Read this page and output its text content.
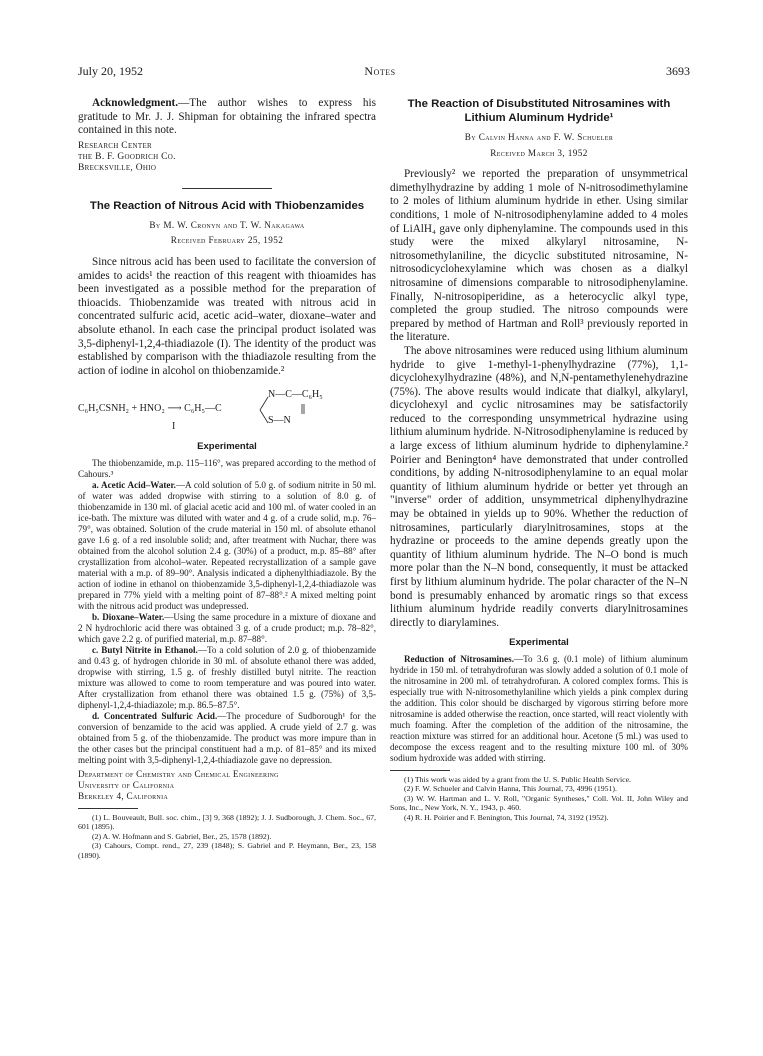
July 20, 1952	Notes	3693

Acknowledgment.—The author wishes to express his gratitude to Mr. J. J. Shipman for obtaining the infrared spectra contained in this note.

Research Center
the B. F. Goodrich Co.
Brecksville, Ohio
The Reaction of Nitrous Acid with Thiobenzamides
By M. W. Cronyn and T. W. Nakagawa
Received February 25, 1952

Since nitrous acid has been used to facilitate the conversion of amides to acids¹ the reaction of this reagent with thioamides has been investigated as a possible method for the preparation of thioacids. Thiobenzamide was treated with nitrous acid in concentrated sulfuric acid, acetic acid–water, dioxane–water and absolute ethanol. In each case the principal product isolated was 3,5-diphenyl-1,2,4-thiadiazole (I). The identity of the product was established by comparison with the thiadiazole resulting from the action of iodine in alcohol on thiobenzamide.²

C₆H₅CSNH₂ + HNO₂ ⟶ C₆H₅—C
N—C—C₆H₅
S—N
I
Experimental

The thiobenzamide, m.p. 115–116°, was prepared according to the method of Cahours.³

a. Acetic Acid–Water.—A cold solution of 5.0 g. of sodium nitrite in 50 ml. of water was added dropwise with stirring to a solution of 8.0 g. of thiobenzamide in 130 ml. of glacial acetic acid and 100 ml. of water cooled in an ice-bath. The mixture was diluted with water and 4 g. of a crude solid, m.p. 76–79°, was obtained. Solution of the crude material in 150 ml. of absolute ethanol gave 1.6 g. of a red insoluble solid; and, after treatment with Nuchar, there was obtained from the alcohol solution 2.4 g. (30%) of a product, m.p. 85–88° after crystallization from alcohol–water. Repeated recrystallization of a sample gave material with a m.p. of 89–90°. Analysis indicated a diphenylthiadiazole. By the action of iodine in ethanol on thiobenzamide 3,5-diphenyl-1,2,4-thiadiazole was prepared in 77% yield with a melting point of 87–88°.² A mixed melting point with the nitrous acid product was undepressed.

b. Dioxane–Water.—Using the same procedure in a mixture of dioxane and 2 N hydrochloric acid there was obtained 3 g. of a crude product; m.p. 78–82°, which gave 2.2 g. of purified material, m.p. 87–88°.

c. Butyl Nitrite in Ethanol.—To a cold solution of 2.0 g. of thiobenzamide and 0.43 g. of hydrogen chloride in 30 ml. of absolute ethanol there was added, dropwise with stirring, 1.5 g. of freshly distilled butyl nitrite. The reaction mixture was allowed to come to room temperature and was poured into water. After crystallization from ethanol there was obtained 1.5 g. (75%) of 3,5-diphenyl-1,2,4-thiadiazole; m.p. 86.5–87.5°.

d. Concentrated Sulfuric Acid.—The procedure of Sudborough¹ for the conversion of benzamide to the acid was applied. A crude yield of 2.7 g. was obtained from 5 g. of the thiobenzamide. The product was more impure than in the other cases but the principal constituent had a m.p. of 81–85° and its mixed melting point with 3,5-diphenyl-1,2,4-thiadiazole gave no depression.

Department of Chemistry and Chemical Engineering
University of California
Berkeley 4, California
(1) L. Bouveault, Bull. soc. chim., [3] 9, 368 (1892); J. J. Sudborough, J. Chem. Soc., 67, 601 (1895).
(2) A. W. Hofmann and S. Gabriel, Ber., 25, 1578 (1892).
(3) Cahours, Compt. rend., 27, 239 (1848); S. Gabriel and P. Heymann, Ber., 23, 158 (1890).
The Reaction of Disubstituted Nitrosamines with Lithium Aluminum Hydride¹
By Calvin Hanna and F. W. Schueler
Received March 3, 1952

Previously² we reported the preparation of unsymmetrical dimethylhydrazine by adding 1 mole of N-nitrosodimethylamine to 2 moles of lithium aluminum hydride in ether. Using similar conditions, 1 mole of N-nitrosodiphenylamine added to 4 moles of LiAlH₄ gave only diphenylamine. The compounds used in this study were the mixed alkylaryl nitrosamine, N-nitrosomethylaniline, the dicyclic substituted nitrosamine, N-nitrosodicyclohexylamine which was chosen as a dialkyl nitrosamine of dimensions comparable to nitrosodiphenylamine. Finally, N-nitrosopiperidine, as a heterocyclic alkyl type, completed the group studied. The nitroso compounds were prepared by method of Hartman and Roll³ previously reported in the literature.

The above nitrosamines were reduced using lithium aluminum hydride to give 1-methyl-1-phenylhydrazine (77%), 1,1-dicyclohexylhydrazine (48%), and N,N-pentamethylenehydrazine (75%). The above results would indicate that dialkyl, alkylaryl, dicyclohexyl and cyclic nitrosamines may be satisfactorily reduced to the corresponding unsymmetrical hydrazine using lithium aluminum hydride. N-Nitrosodiphenylamine is reduced by a large excess of lithium aluminum hydride to diphenylamine.² Poirier and Benington⁴ have demonstrated that under controlled conditions, by adding N-nitrosodiphenylamine to an equal molar quantity of lithium aluminum hydride or better yet through an "inverse" order of addition, unsymmetrical diphenylhydrazine may be obtained in yields up to 90%. Whether the reduction of nitrosamines, particularly diarylnitrosamines, stops at the hydrazine or proceeds to the amine depends greatly upon the quantity of lithium aluminum hydride. The N–O bond is much more polar than the N–N bond, consequently, it must be attacked first by lithium aluminum hydride. The polar character of the N–N bond is presumably enhanced by aromatic rings so that excess lithium aluminum hydride readily converts diarylnitrosamines directly to diarylamines.

Experimental

Reduction of Nitrosamines.—To 3.6 g. (0.1 mole) of lithium aluminum hydride in 150 ml. of tetrahydrofuran was slowly added a solution of 0.1 mole of the nitrosamine in 200 ml. of tetrahydrofuran. A colored complex forms. This is especially true with N-nitrosomethylaniline which yields a pink complex during the addition. This color should be discharged by vigorous stirring before more nitrosamine is added otherwise the reaction, once started, will react violently with much foaming. After the completion of the addition of the nitrosamine, the reaction mixture was stirred for an additional hour. Acetone (5 ml.) was used to decompose the excess reagent and to the resulting mixture 100 ml. of 30% sodium hydroxide was added with stirring.

(1) This work was aided by a grant from the U. S. Public Health Service.
(2) F. W. Schueler and Calvin Hanna, This Journal, 73, 4996 (1951).
(3) W. W. Hartman and L. V. Roll, "Organic Syntheses," Coll. Vol. II, John Wiley and Sons, Inc., New York, N. Y., 1943, p. 460.
(4) R. H. Poirier and F. Benington, This Journal, 74, 3192 (1952).
